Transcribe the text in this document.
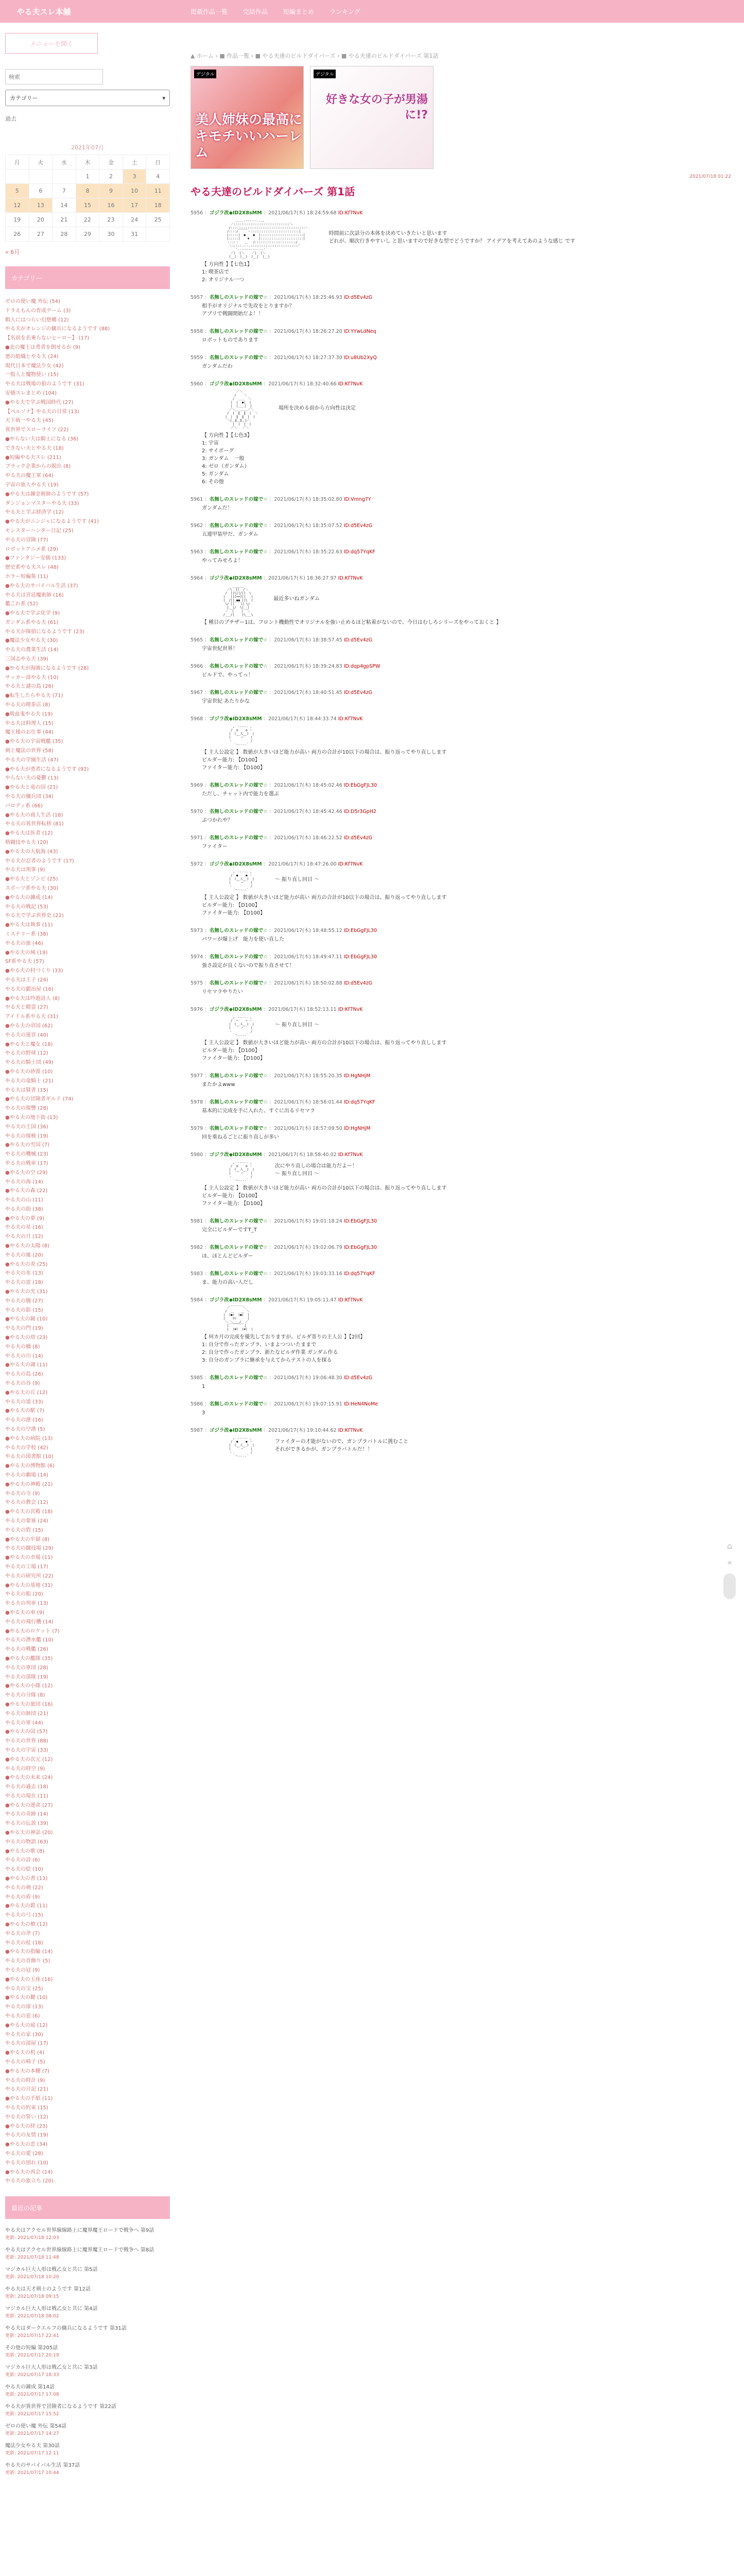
やる夫スレ本舗	掲載作品一覧	完結作品	短編まとめ	ランキング
メニューを開く
検索
カテゴリー	▾
過去
2021年07月
月	火	水	木	金	土	日
			1	2	3	4
5	6	7	8	9	10	11
12	13	14	15	16	17	18
19	20	21	22	23	24	25
26	27	28	29	30	31	
« 6月
カテゴリー
ゼロの使い魔 外伝 (54)
ドラえもんの育成ゲーム (3)
暇人にはつらい幻想郷 (12)
やる夫がオレンジの傭兵になるようです (88)
【名前を名乗らないヒーロー】 (17)
●北の魔王は勇者を倒せるか (9)
悪の組織とやる夫 (24)
現代日本で魔法少女 (42)
一般人と魔物使い (15)
やる夫は戦場の狼のようです (31)
安価スレまとめ (104)
●やる夫で学ぶ戦国時代 (27)
【ペルソナ】やる夫の日常 (13)
天下統一やる夫 (45)
異世界でスローライフ (22)
●やらない夫は騎士になる (36)
できない夫とやる夫 (18)
●短編やる夫スレ (211)
ブラック企業からの脱出 (8)
やる夫の魔王軍 (64)
宇宙の旅人やる夫 (19)
●やる夫は錬金術師のようです (57)
ダンジョンマスターやる夫 (33)
やる夫と学ぶ経済学 (12)
●やる夫がニンジャになるようです (41)
モンスターハンター日記 (25)
やる夫の冒険 (77)
ロボットアニメ系 (29)
●ファンタジー安価 (133)
歴史系やる夫スレ (48)
ホラー短編集 (11)
●やる夫のサバイバル生活 (37)
やる夫は宮廷魔術師 (16)
艦これ系 (52)
●やる夫で学ぶ化学 (9)
ガンダム系やる夫 (61)
やる夫が探偵になるようです (23)
●魔法少女やる夫 (30)
やる夫の農業生活 (14)
三国志やる夫 (39)
●やる夫が海賊になるようです (28)
サッカー部やる夫 (10)
やる夫と謎の島 (26)
●転生したらやる夫 (71)
やる夫の喫茶店 (8)
●吸血鬼やる夫 (19)
やる夫は料理人 (15)
魔王様のお仕事 (44)
●やる夫の宇宙戦艦 (35)
剣と魔法の世界 (58)
やる夫の学園生活 (47)
●やる夫が勇者になるようです (92)
やらない夫の憂鬱 (13)
●やる夫と竜の国 (21)
やる夫の傭兵団 (34)
パロディ系 (66)
●やる夫の商人生活 (18)
やる夫の異世界転移 (81)
●やる夫は医者 (12)
格闘技やる夫 (20)
●やる夫の大航海 (43)
やる夫が忍者のようです (17)
やる夫は刑事 (9)
●やる夫とゾンビ (25)
スポーツ系やる夫 (30)
●やる夫の錬成 (14)
やる夫の戦記 (53)
やる夫で学ぶ世界史 (22)
●やる夫は執事 (11)
ミステリー系 (38)
やる夫の旅 (46)
●やる夫の城 (19)
SF系やる夫 (57)
●やる夫の村づくり (33)
やる夫は王子 (24)
やる夫の鍛冶屋 (16)
●やる夫は吟遊詩人 (8)
やる夫と精霊 (27)
アイドル系やる夫 (31)
●やる夫の帝国 (62)
やる夫の迷宮 (40)
●やる夫と魔女 (18)
やる夫の野球 (12)
やる夫の騎士団 (49)
●やる夫の砂漠 (10)
やる夫の竜騎士 (21)
やる夫は賢者 (15)
●やる夫の冒険者ギルド (74)
やる夫の復讐 (28)
●やる夫の地下街 (13)
やる夫の王国 (36)
やる夫の探検 (19)
●やる夫の雪国 (7)
やる夫の機械 (23)
やる夫の戦車 (17)
●やる夫の空 (29)
やる夫の海 (14)
●やる夫の森 (22)
やる夫の山 (11)
やる夫の街 (38)
●やる夫の夢 (9)
やる夫の星 (16)
やる夫の月 (12)
●やる夫の太陽 (8)
やる夫の風 (20)
●やる夫の炎 (25)
やる夫の氷 (13)
やる夫の雷 (18)
●やる夫の光 (31)
やる夫の闇 (27)
やる夫の影 (15)
●やる夫の鏡 (10)
やる夫の門 (19)
●やる夫の塔 (23)
やる夫の橋 (8)
やる夫の川 (14)
●やる夫の湖 (11)
やる夫の島 (26)
やる夫の谷 (9)
●やる夫の丘 (12)
やる夫の道 (33)
●やる夫の駅 (7)
やる夫の港 (16)
やる夫の空港 (5)
●やる夫の病院 (13)
やる夫の学校 (42)
やる夫の図書館 (10)
●やる夫の博物館 (6)
やる夫の劇場 (14)
●やる夫の神殿 (21)
やる夫の寺 (9)
やる夫の教会 (12)
●やる夫の宮殿 (18)
やる夫の要塞 (24)
やる夫の砦 (15)
●やる夫の牢獄 (8)
やる夫の闘技場 (29)
●やる夫の市場 (11)
やる夫の工場 (17)
やる夫の研究所 (22)
●やる夫の基地 (31)
やる夫の船 (20)
やる夫の列車 (13)
●やる夫の車 (9)
やる夫の飛行機 (14)
●やる夫のロケット (7)
やる夫の潜水艦 (10)
やる夫の戦艦 (26)
●やる夫の艦隊 (35)
やる夫の軍団 (28)
やる夫の部隊 (19)
●やる夫の小隊 (12)
やる夫の分隊 (8)
●やる夫の旅団 (16)
やる夫の師団 (21)
やる夫の軍 (44)
●やる夫の国 (57)
やる夫の世界 (88)
やる夫の宇宙 (33)
●やる夫の次元 (12)
やる夫の時空 (9)
●やる夫の未来 (24)
やる夫の過去 (18)
やる夫の現在 (11)
●やる夫の運命 (27)
やる夫の奇跡 (14)
やる夫の伝説 (39)
●やる夫の神話 (20)
やる夫の物語 (63)
●やる夫の歌 (8)
やる夫の詩 (6)
やる夫の絵 (10)
●やる夫の書 (13)
やる夫の剣 (22)
やる夫の盾 (9)
●やる夫の鎧 (11)
やる夫の弓 (15)
●やる夫の槍 (12)
やる夫の斧 (7)
やる夫の杖 (18)
●やる夫の指輪 (14)
やる夫の首飾り (5)
やる夫の冠 (9)
●やる夫の玉座 (16)
やる夫の宝 (25)
●やる夫の鍵 (10)
やる夫の扉 (13)
やる夫の窓 (6)
●やる夫の庭 (12)
やる夫の家 (30)
やる夫の部屋 (17)
●やる夫の机 (4)
やる夫の椅子 (5)
●やる夫の本棚 (7)
やる夫の時計 (9)
やる夫の日記 (21)
●やる夫の手紙 (11)
やる夫の約束 (15)
やる夫の誓い (12)
●やる夫の絆 (23)
やる夫の友情 (19)
●やる夫の恋 (34)
やる夫の愛 (28)
やる夫の別れ (10)
●やる夫の再会 (14)
やる夫の旅立ち (20)
最近の記事
やる夫はアクセル世界線線路上に魔界魔王ロードで戦争へ 第9話
更新: 2021/07/18 12:03
やる夫はアクセル世界線線路上に魔界魔王ロードで戦争へ 第8話
更新: 2021/07/18 11:48
マジカル巨大人形は戦乙女と共に 第5話
更新: 2021/07/18 10:20
やる夫は天才剣士のようです 第12話
更新: 2021/07/18 09:15
マジカル巨大人形は戦乙女と共に 第4話
更新: 2021/07/18 08:02
やる夫はダークエルフの傭兵になるようです 第31話
更新: 2021/07/17 22:41
その他の短編 第205話
更新: 2021/07/17 20:19
マジカル巨大人形は戦乙女と共に 第3話
更新: 2021/07/17 18:33
やる夫の錬成 第14話
更新: 2021/07/17 17:08
やる夫が異世界で冒険者になるようです 第22話
更新: 2021/07/17 15:52
ゼロの使い魔 外伝 第54話
更新: 2021/07/17 14:27
魔法少女やる夫 第30話
更新: 2021/07/17 12:11
やる夫のサバイバル生活 第37話
更新: 2021/07/17 10:44
▲ ホーム › ■ 作品一覧 › ■ やる夫達のビルドダイバーズ › ■ やる夫達のビルドダイバーズ 第1話
デジタル
美人姉妹の最高にキモチいいハーレム
デジタル
好きな女の子が男湯に!?
2021/07/18 01:22
やる夫達のビルドダイバーズ 第1話
5956 ：ゴジラ改◆ID2X8sMM ：2021/06/17(木) 18:24:59.68 ID:Kf7NvK
,...-‐‐‐‐‐-...,
／::::::::::::::::::::::::::::::＼
/::::::::::::::::::::::::::::::::::::::::ヽ
/::::/￣￣￣ヽ::::::::::::::::::::::::::|
|:::::|  ●    ●  |:::::::::::::::::::::::|
|:::::|    ▼     |:::::::::::::::::::::::|
ヽ:::ヽ   ＿   /::::::::::::::::::::::/
＼:::::‐‐‐‐‐:::::::::::::::::::::::::／
｀'‐‐‐‐‐‐‐‐‐‐‐‐‐‐'´
／|  |＼    ／|  |＼
(__|  |__)  (__|  |__)
時間前に次話分の本体を決めていきたいと思います
どれが、順次行きやすいし と思いますので好きな型でどうですか？ アイデアを考えてあのような感じ です
【 方向性 】【七色1】
1: 喫茶店で
2: オリジナル一つ
5957 ：名無しのスレッドの嫁で☆ ：2021/06/17(木) 18:25:46.93 ID:d5Ev4zG
相手がオリジナルで先攻をとりますか？
アプリで戦闘開始だよ！！
5958 ：名無しのスレッドの嫁で☆ ：2021/06/17(木) 18:26:27.20 ID:YYwLdNeq
ロボットものであります
5959 ：名無しのスレッドの嫁で☆ ：2021/06/17(木) 18:27:37.30 ID:u8Ub2XyQ
ガンダムだわ
5960 ：ゴジラ改◆ID2X8sMM ：2021/06/17(木) 18:32:40.66 ID:Kf7NvK
／＼
/    ＼
/  ＿＿  ＼
|  |  ●|  |
|  |＿＿|  |
／＼＿＿＿＿／＼
/  |  ‖  ‖  |  ＼
|  |  ‖  ‖  |  |
＼|＿‖＿‖＿|／
|  |  |  |
／＼   ／＼
場所を決める前から方向性は決定
【 方向性 】【七色3】
1: 宇宙
2: サイボーグ
3: ガンダム　一般
4: ゼロ（ガンダム）
5: ガンダム
6: その他
5961 ：名無しのスレッドの嫁で☆ ：2021/06/17(木) 18:35:02.80 ID:Vmng7Y
ガンダムだ！
5962 ：名無しのスレッドの嫁で☆ ：2021/06/17(木) 18:35:07.52 ID:d5Ev4zG
五連甲装甲だ、ガンダム
5963 ：名無しのスレッドの嫁で☆ ：2021/06/17(木) 18:35:22.63 ID:dq57YqKF
やってみせろよ！
5964 ：ゴジラ改◆ID2X8sMM ：2021/06/17(木) 18:36:27.97 ID:Kf7NvK
______
／\  ||  /＼
/  ||\||/||  \
|   ||[==]||   |
|  /|| ●● ||\  |
\/ ||￣￣|| \/
|__|/  \|__|
／  |    |  ＼
/___/|    |\___\
最近多いねガンダム
【 種目のプチザー1は、フロント機動性でオリジナルを強い止めるほど粘着がないので、今日はむしろシリーズをやっておくと 】
5965 ：名無しのスレッドの嫁で☆ ：2021/06/17(木) 18:38:57.45 ID:d5Ev4zG
宇宙世紀世界！
5966 ：名無しのスレッドの嫁で☆ ：2021/06/17(木) 18:39:24.83 ID:dqp4gpSPW
ビルドで、やってっ！
5967 ：名無しのスレッドの嫁で☆ ：2021/06/17(木) 18:40:51.45 ID:d5Ev4zG
宇宙世紀 あたりかな
5968 ：ゴジラ改◆ID2X8sMM ：2021/06/17(木) 18:44:33.74 ID:Kf7NvK
,．-‐‐‐-．,
/  ◎    ◎ ヽ
|  (__人__)  |
|   ｀ ⌒´   |
ヽ          /
｀ｰ‐‐‐‐‐´
【 主人公設定 】 数値が大きいほど能力が高い 両方の合計が10以下の場合は、振り返ってやり直しします
ビルダー能力: 【D100】
ファイター能力: 【D100】
5969 ：名無しのスレッドの嫁で☆ ：2021/06/17(木) 18:45:02.46 ID:EbGgFJL30
ただし、チャット内で能力を選ぶ
5970 ：名無しのスレッドの嫁で☆ ：2021/06/17(木) 18:45:42.46 ID:D5r3GpH2
ぶつかれや？
5971 ：名無しのスレッドの嫁で☆ ：2021/06/17(木) 18:46:22.52 ID:d5Ev4zG
ファイター
5972 ：ゴジラ改◆ID2X8sMM ：2021/06/17(木) 18:47:26.00 ID:Kf7NvK
,．-‐‐‐-．,
/  ●    ● ヽ
|  (__人__)  |
|   ｀ ⌒´   |
ヽ          /
｀ｰ‐‐‐‐‐´
～ 振り直し回目 ～
【 主人公設定 】 数値が大きいほど能力が高い 両方の合計が10以下の場合は、振り返ってやり直しします
ビルダー能力: 【D100】
ファイター能力: 【D100】
5973 ：名無しのスレッドの嫁で☆ ：2021/06/17(木) 18:48:55.12 ID:EbGgFJL30
パワーが爆上げ　能力を使い直した
5974 ：名無しのスレッドの嫁で☆ ：2021/06/17(木) 18:49:47.11 ID:EbGgFJL30
強さ設定が良くないので振り直させて！
5975 ：名無しのスレッドの嫁で☆ ：2021/06/17(木) 18:50:02.88 ID:d5Ev4zG
リセマラやりたい
5976 ：ゴジラ改◆ID2X8sMM ：2021/06/17(木) 18:52:13.11 ID:Kf7NvK
,．-‐‐‐-．,
/  ─    ─ ヽ
|  (__人__)  |
|   ｀ ⌒´   |
ヽ          /
｀ｰ‐‐‐‐‐´
～ 振り直し回目 ～
【 主人公設定 】 数値が大きいほど能力が高い 両方の合計が10以下の場合は、振り返ってやり直しします
ビルダー能力: 【D100】
ファイター能力: 【D100】
5977 ：名無しのスレッドの嫁で☆ ：2021/06/17(木) 18:55:20.35 ID:HgNHjM
またかよwww
5978 ：名無しのスレッドの嫁で☆ ：2021/06/17(木) 18:56:01.44 ID:dq57YqKF
基本的に完成を手に入れた、すぐに出るリセマラ
5979 ：名無しのスレッドの嫁で☆ ：2021/06/17(木) 18:57:09.50 ID:HgNHjM
回を重ねるごとに振り直しが多い
5980 ：ゴジラ改◆ID2X8sMM ：2021/06/17(木) 18:58:40.02 ID:Kf7NvK
,．-‐‐‐-．,
/  ◎    ◎ ヽ
|  (__人__)  |
|   ｀ ⌒´   |
ヽ          /
｀ｰ‐‐‐‐‐´
次にやり直しの場合は能力だよー！
～ 振り直し回目 ～
【 主人公設定 】 数値が大きいほど能力が高い 両方の合計が10以下の場合は、振り返ってやり直しします
ビルダー能力: 【D100】
ファイター能力: 【D100】
5981 ：名無しのスレッドの嫁で☆ ：2021/06/17(木) 19:01:18.24 ID:EbGgFJL30
完全にビルダーですT_T
5982 ：名無しのスレッドの嫁で☆ ：2021/06/17(木) 19:02:06.79 ID:EbGgFJL30
ほ、ほとんどビルダー
5983 ：名無しのスレッドの嫁で☆ ：2021/06/17(木) 19:03:33.16 ID:dq57YqKF
ま、能力の高い人だし
5984 ：ゴジラ改◆ID2X8sMM ：2021/06/17(木) 19:05:11.47 ID:Kf7NvK
／￣￣￣￣＼
/  ＿    ＿ ＼
|  (●)  (●)  |
|    ▽▽      |
＼ ＼＿＿/  ／
|￣￣￣￣￣|
|  (#)  (#)  |
【 何カ月の完成を優先しておりますが、ビルダ寄りの主人公 】【2回】
1: 自分で作ったガンプラ、いまよつついたままで
2: 自分で作ったガンプラ、新たなビルダ作業 ガンダム作る
3: 自分のガンプラに継承を与えてからテストの人を探る
5985 ：名無しのスレッドの嫁で☆ ：2021/06/17(木) 19:06:48.30 ID:d5Ev4zG
1
5986 ：名無しのスレッドの嫁で☆ ：2021/06/17(木) 19:07:15.91 ID:HeN4NoMe
3
5987 ：ゴジラ改◆ID2X8sMM ：2021/06/17(木) 19:10:44.62 ID:Kf7NvK
,．-‐‐‐-．,
/  ●    ● ヽ
|  (__人__)  |
|   ｀ ⌒´   |
ヽ          /
｀ｰ‐‐‐‐‐´
ファイターの才能がないので、ガンプラバトルに挑むこと
それができるかが、ガンプラバトルだ！！
⌂
«
